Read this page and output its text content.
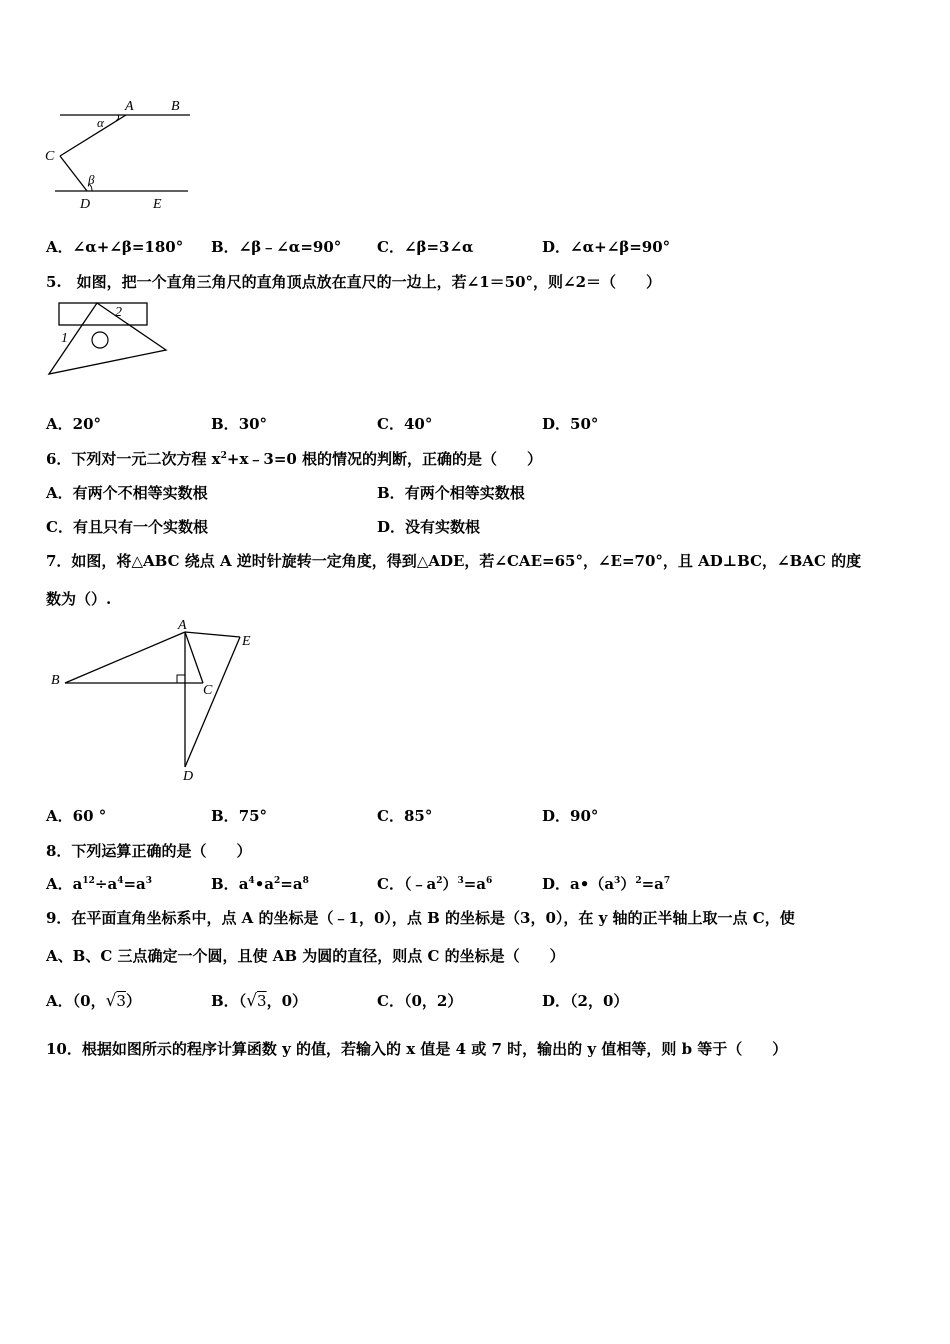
A	B
α
C
β
D	E
A．∠α+∠β=180° B．∠β﹣∠α=90° C．∠β=3∠α	D．∠α+∠β=90°
5.　如图，把一个直角三角尺的直角顶点放在直尺的一边上，若∠1＝50°，则∠2＝（　　）
1
2
A．20°	B．30°	C．40°	D．50°
6．下列对一元二次方程 $x^2+x﹣3=0$ 根的情况的判断，正确的是（　　）
A．有两个不相等实数根	B．有两个相等实数根
C．有且只有一个实数根	D．没有实数根
7．如图，将△ABC 绕点 A 逆时针旋转一定角度，得到△ADE，若∠CAE=65°，∠E=70°，且 AD⊥BC，∠BAC 的度
数为（）.
A
B
C
D
E
A．60 °	B．75°	C．85°	D．90°
8．下列运算正确的是（　　）
A．$a^{12}\div a^4=a^3$	B．$a^4•a^2=a^8$	C．$(﹣a^2)^3=a^6$	D．$a•(a^3)^2=a^7$
9．在平面直角坐标系中，点 A 的坐标是（﹣1，0），点 B 的坐标是（3，0），在 y 轴的正半轴上取一点 C，使
A、B、C 三点确定一个圆，且使 AB 为圆的直径，则点 C 的坐标是（　　）
A．（0，√3）	B．（√3，0）	C．（0，2）	D．（2，0）
10．根据如图所示的程序计算函数 y 的值，若输入的 x 值是 4 或 7 时，输出的 y 值相等，则 b 等于（　　）
